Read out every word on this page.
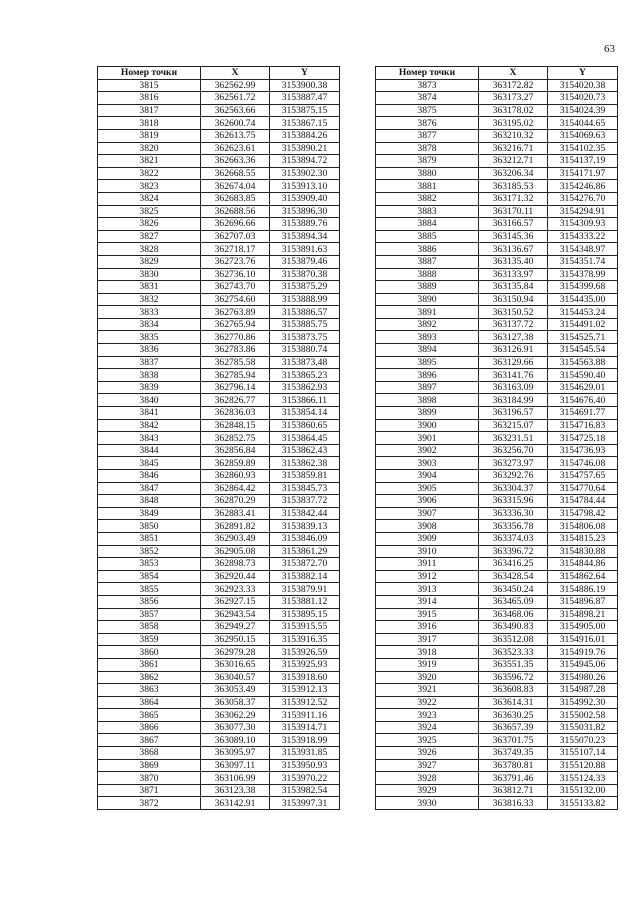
63
Номер точки	X	Y
3815	362562.99	3153900.38
3816	362561.72	3153887.47
3817	362563.66	3153875.15
3818	362600.74	3153867.15
3819	362613.75	3153884.26
3820	362623.61	3153890.21
3821	362663.36	3153894.72
3822	362668.55	3153902.30
3823	362674.04	3153913.10
3824	362683.85	3153909.40
3825	362688.56	3153896.30
3826	362696.66	3153889.76
3827	362707.03	3153894.34
3828	362718.17	3153891.63
3829	362723.76	3153879.46
3830	362736.10	3153870.38
3831	362743.70	3153875.29
3832	362754.60	3153888.99
3833	362763.89	3153886.57
3834	362765.94	3153885.75
3835	362770.86	3153873.75
3836	362783.86	3153880.74
3837	362785.58	3153873.48
3838	362785.94	3153865.23
3839	362796.14	3153862.93
3840	362826.77	3153866.11
3841	362836.03	3153854.14
3842	362848.15	3153860.65
3843	362852.75	3153864.45
3844	362856.84	3153862.43
3845	362859.89	3153862.38
3846	362860.93	3153859.81
3847	362864.42	3153845.73
3848	362870.29	3153837.72
3849	362883.41	3153842.44
3850	362891.82	3153839.13
3851	362903.49	3153846.09
3852	362905.08	3153861.29
3853	362898.73	3153872.70
3854	362920.44	3153882.14
3855	362923.33	3153879.91
3856	362927.15	3153881.12
3857	362943.54	3153895.15
3858	362949.27	3153915.55
3859	362950.15	3153916.35
3860	362979.28	3153926.59
3861	363016.65	3153925.93
3862	363040.57	3153918.60
3863	363053.49	3153912.13
3864	363058.37	3153912.52
3865	363062.29	3153911.16
3866	363077.30	3153914.71
3867	363089.10	3153918.99
3868	363095.97	3153931.85
3869	363097.11	3153950.93
3870	363106.99	3153970.22
3871	363123.38	3153982.54
3872	363142.91	3153997.31
Номер точки	X	Y
3873	363172.82	3154020.38
3874	363173.27	3154020.73
3875	363178.02	3154024.39
3876	363195.02	3154044.65
3877	363210.32	3154069.63
3878	363216.71	3154102.35
3879	363212.71	3154137.19
3880	363206.34	3154171.97
3881	363185.53	3154246.86
3882	363171.32	3154276.70
3883	363170.11	3154294.91
3884	363166.57	3154309.93
3885	363145.36	3154333.22
3886	363136.67	3154348.97
3887	363135.40	3154351.74
3888	363133.97	3154378.99
3889	363135.84	3154399.68
3890	363150.94	3154435.00
3891	363150.52	3154453.24
3892	363137.72	3154491.02
3893	363127.38	3154525.71
3894	363126.91	3154545.54
3895	363129.66	3154563.88
3896	363141.76	3154590.40
3897	363163.09	3154629.01
3898	363184.99	3154676.40
3899	363196.57	3154691.77
3900	363215.07	3154716.83
3901	363231.51	3154725.18
3902	363256.70	3154736.93
3903	363273.97	3154746.08
3904	363292.76	3154757.65
3905	363304.37	3154770.64
3906	363315.96	3154784.44
3907	363336.30	3154798.42
3908	363356.78	3154806.08
3909	363374.03	3154815.23
3910	363396.72	3154830.88
3911	363416.25	3154844.86
3912	363428.54	3154862.64
3913	363450.24	3154886.19
3914	363465.09	3154896.87
3915	363468.06	3154898.21
3916	363490.83	3154905.00
3917	363512.08	3154916.01
3918	363523.33	3154919.76
3919	363551.35	3154945.06
3920	363596.72	3154980.26
3921	363608.83	3154987.28
3922	363614.31	3154992.30
3923	363630.25	3155002.58
3924	363657.39	3155031.82
3925	363701.75	3155070.23
3926	363749.35	3155107.14
3927	363780.81	3155120.88
3928	363791.46	3155124.33
3929	363812.71	3155132.00
3930	363816.33	3155133.82
